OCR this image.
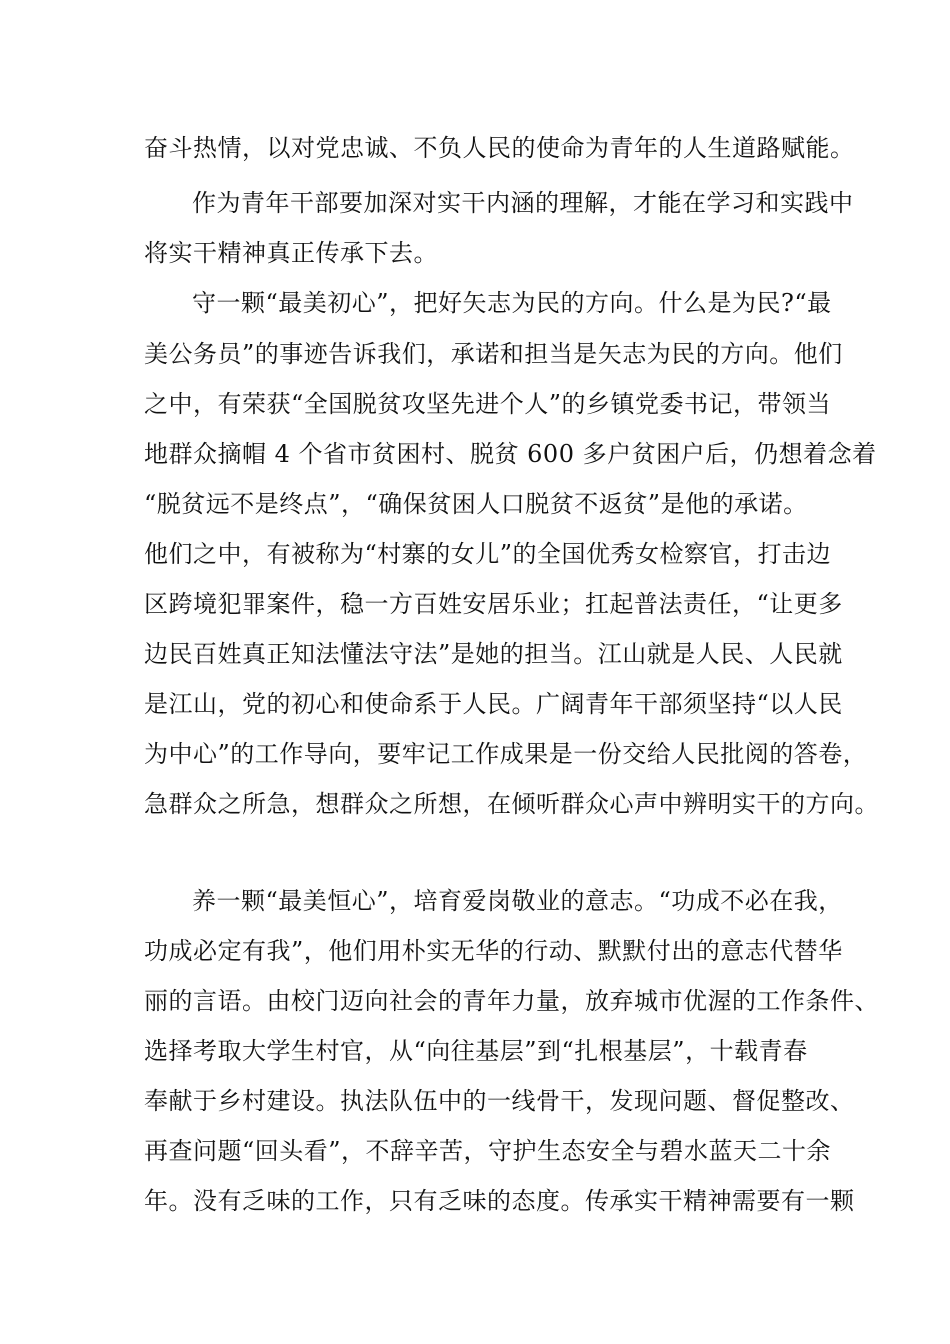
奋斗热情，以对党忠诚、不负人民的使命为青年的人生道路赋能。
作为青年干部要加深对实干内涵的理解，才能在学习和实践中
将实干精神真正传承下去。
守一颗“最美初心”，把好矢志为民的方向。什么是为民?“最
美公务员”的事迹告诉我们，承诺和担当是矢志为民的方向。他们
之中，有荣获“全国脱贫攻坚先进个人”的乡镇党委书记，带领当
地群众摘帽 4 个省市贫困村、脱贫 600 多户贫困户后，仍想着念着
“脱贫远不是终点”，“确保贫困人口脱贫不返贫”是他的承诺。
他们之中，有被称为“村寨的女儿”的全国优秀女检察官，打击边
区跨境犯罪案件，稳一方百姓安居乐业；扛起普法责任，“让更多
边民百姓真正知法懂法守法”是她的担当。江山就是人民、人民就
是江山，党的初心和使命系于人民。广阔青年干部须坚持“以人民
为中心”的工作导向，要牢记工作成果是一份交给人民批阅的答卷，
急群众之所急，想群众之所想，在倾听群众心声中辨明实干的方向。
养一颗“最美恒心”，培育爱岗敬业的意志。“功成不必在我，
功成必定有我”，他们用朴实无华的行动、默默付出的意志代替华
丽的言语。由校门迈向社会的青年力量，放弃城市优渥的工作条件、
选择考取大学生村官，从“向往基层”到“扎根基层”，十载青春
奉献于乡村建设。执法队伍中的一线骨干，发现问题、督促整改、
再查问题“回头看”，不辞辛苦，守护生态安全与碧水蓝天二十余
年。没有乏味的工作，只有乏味的态度。传承实干精神需要有一颗
